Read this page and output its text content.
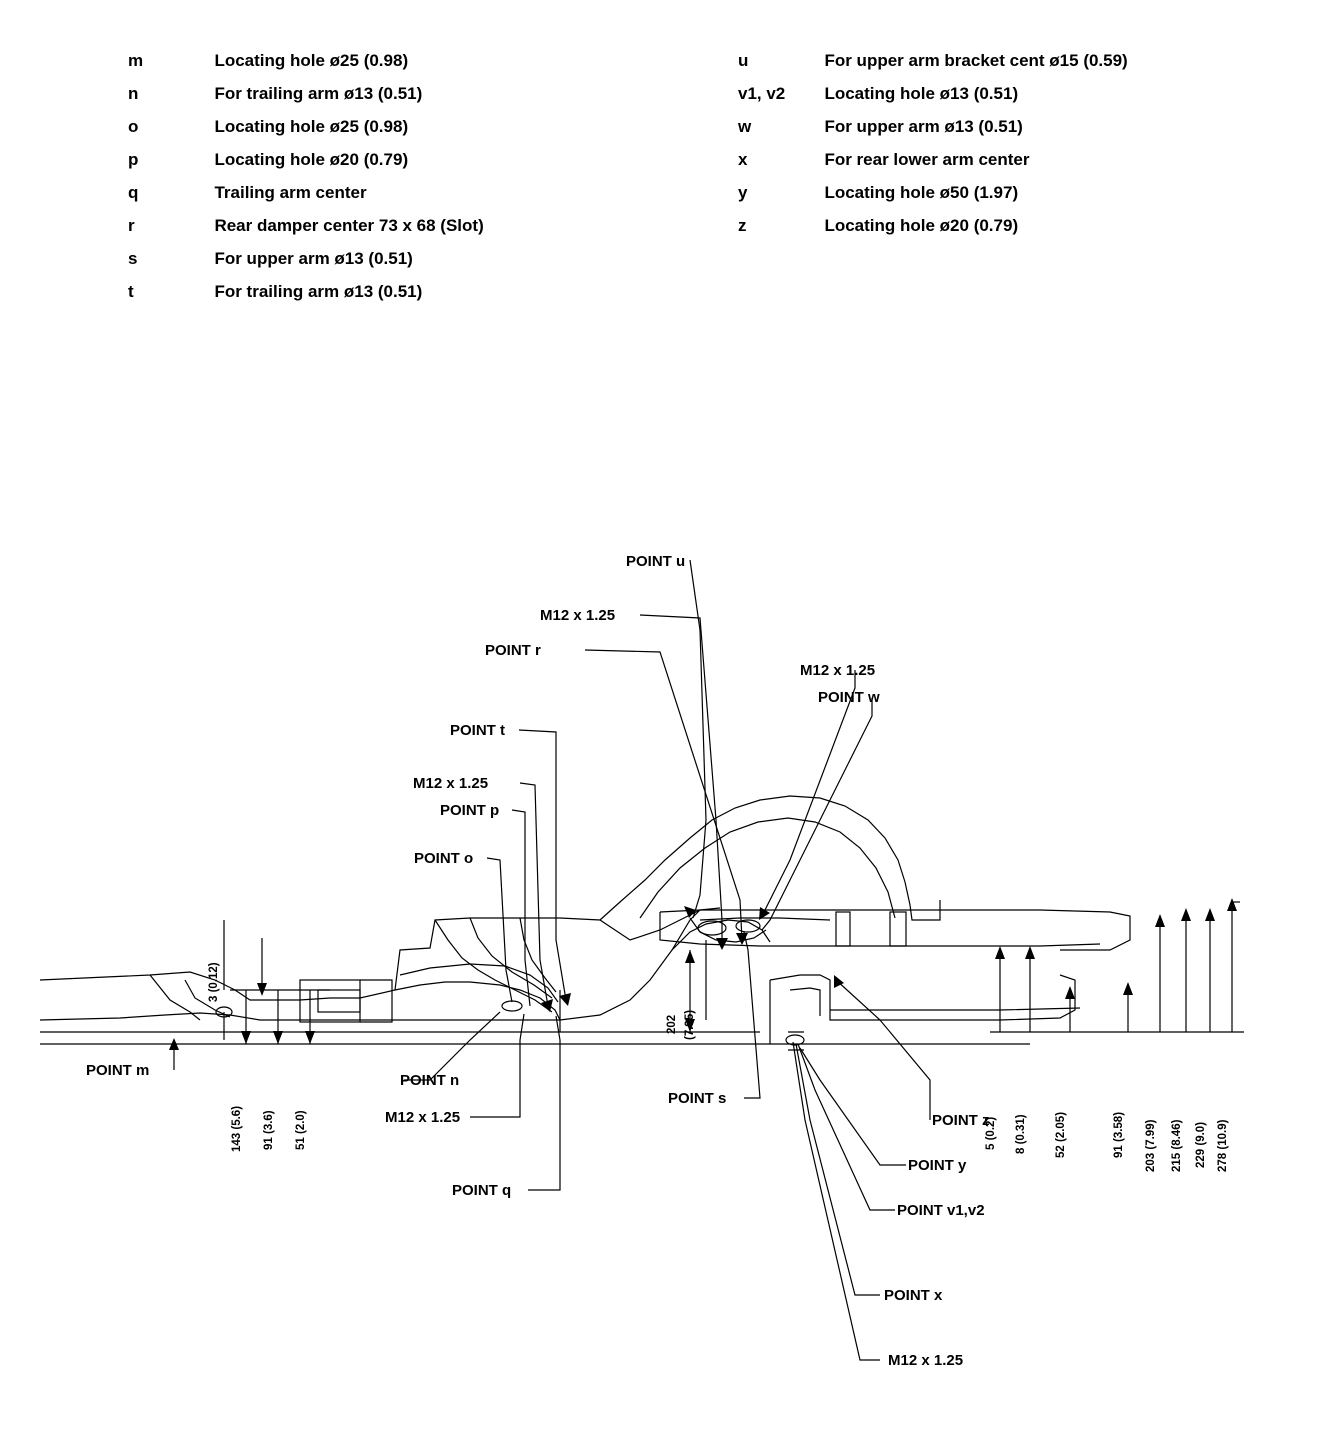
m	Locating hole ø25 (0.98)
n	For trailing arm ø13 (0.51)
o	Locating hole ø25 (0.98)
p	Locating hole ø20 (0.79)
q	Trailing arm center
r	Rear damper center 73 x 68 (Slot)
s	For upper arm ø13 (0.51)
t	For trailing arm ø13 (0.51)
u	For upper arm bracket cent ø15 (0.59)
v1, v2 Locating hole ø13 (0.51)
w	For upper arm ø13 (0.51)
x	For rear lower arm center
y	Locating hole ø50 (1.97)
z	Locating hole ø20 (0.79)
POINT u
M12 x 1.25
POINT r
M12 x 1.25
POINT w
POINT t
M12 x 1.25
POINT p
POINT o
POINT m
POINT n
M12 x 1.25
POINT q
POINT s
POINT z
POINT y
POINT v1,v2
POINT x
M12 x 1.25
3 (0.12)
143 (5.6) 91 (3.6) 51 (2.0)
202 (7.95)
5 (0.2) 8 (0.31) 52 (2.05)	91 (3.58) 203 (7.99) 215 (8.46) 229 (9.0) 278 (10.9)
